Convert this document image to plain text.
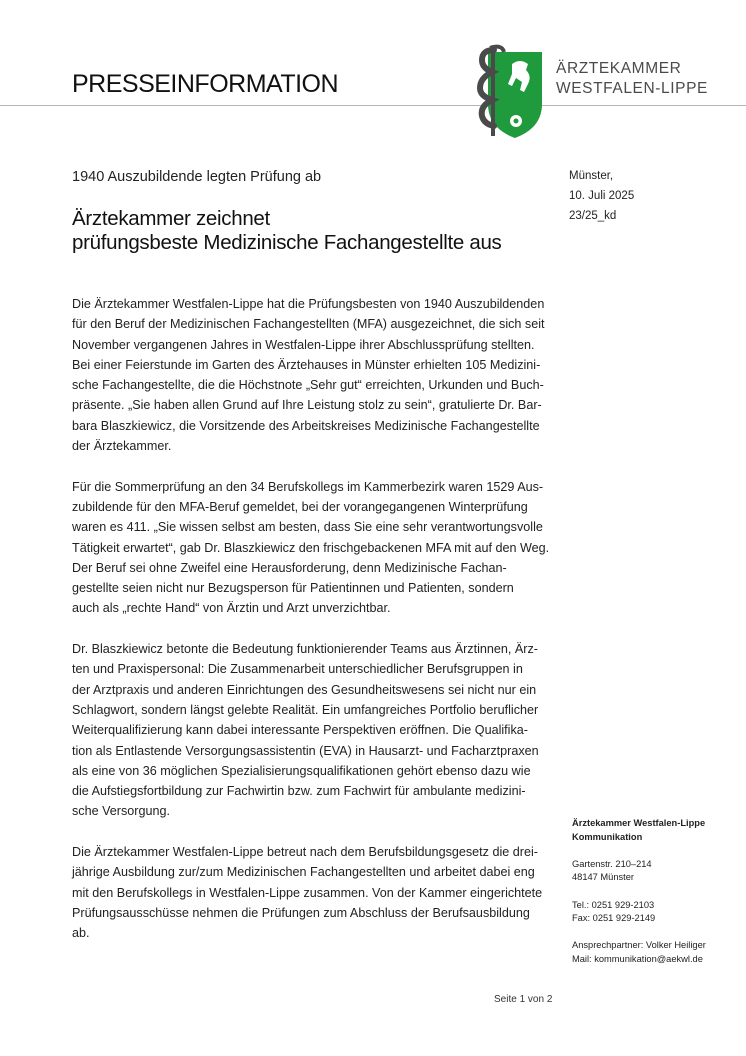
PRESSEINFORMATION
ÄRZTEKAMMER
WESTFALEN-LIPPE
1940 Auszubildende legten Prüfung ab
Ärztekammer zeichnet
prüfungsbeste Medizinische Fachangestellte aus
Münster,
10. Juli 2025
23/25_kd
Die Ärztekammer Westfalen-Lippe hat die Prüfungsbesten von 1940 Auszubildenden
für den Beruf der Medizinischen Fachangestellten (MFA) ausgezeichnet, die sich seit
November vergangenen Jahres in Westfalen-Lippe ihrer Abschlussprüfung stellten.
Bei einer Feierstunde im Garten des Ärztehauses in Münster erhielten 105 Medizini-
sche Fachangestellte, die die Höchstnote „Sehr gut“ erreichten, Urkunden und Buch-
präsente. „Sie haben allen Grund auf Ihre Leistung stolz zu sein“, gratulierte Dr. Bar-
bara Blaszkiewicz, die Vorsitzende des Arbeitskreises Medizinische Fachangestellte
der Ärztekammer.
Für die Sommerprüfung an den 34 Berufskollegs im Kammerbezirk waren 1529 Aus-
zubildende für den MFA-Beruf gemeldet, bei der vorangegangenen Winterprüfung
waren es 411. „Sie wissen selbst am besten, dass Sie eine sehr verantwortungsvolle
Tätigkeit erwartet“, gab Dr. Blaszkiewicz den frischgebackenen MFA mit auf den Weg.
Der Beruf sei ohne Zweifel eine Herausforderung, denn Medizinische Fachan-
gestellte seien nicht nur Bezugsperson für Patientinnen und Patienten, sondern
auch als „rechte Hand“ von Ärztin und Arzt unverzichtbar.
Dr. Blaszkiewicz betonte die Bedeutung funktionierender Teams aus Ärztinnen, Ärz-
ten und Praxispersonal: Die Zusammenarbeit unterschiedlicher Berufsgruppen in
der Arztpraxis und anderen Einrichtungen des Gesundheitswesens sei nicht nur ein
Schlagwort, sondern längst gelebte Realität. Ein umfangreiches Portfolio beruflicher
Weiterqualifizierung kann dabei interessante Perspektiven eröffnen. Die Qualifika-
tion als Entlastende Versorgungsassistentin (EVA) in Hausarzt- und Facharztpraxen
als eine von 36 möglichen Spezialisierungsqualifikationen gehört ebenso dazu wie
die Aufstiegsfortbildung zur Fachwirtin bzw. zum Fachwirt für ambulante medizini-
sche Versorgung.
Die Ärztekammer Westfalen-Lippe betreut nach dem Berufsbildungsgesetz die drei-
jährige Ausbildung zur/zum Medizinischen Fachangestellten und arbeitet dabei eng
mit den Berufskollegs in Westfalen-Lippe zusammen. Von der Kammer eingerichtete
Prüfungsausschüsse nehmen die Prüfungen zum Abschluss der Berufsausbildung
ab.
Ärztekammer Westfalen-Lippe
Kommunikation
Gartenstr. 210–214
48147 Münster
Tel.: 0251 929-2103
Fax: 0251 929-2149
Ansprechpartner: Volker Heiliger
Mail: kommunikation@aekwl.de
Seite 1 von 2
